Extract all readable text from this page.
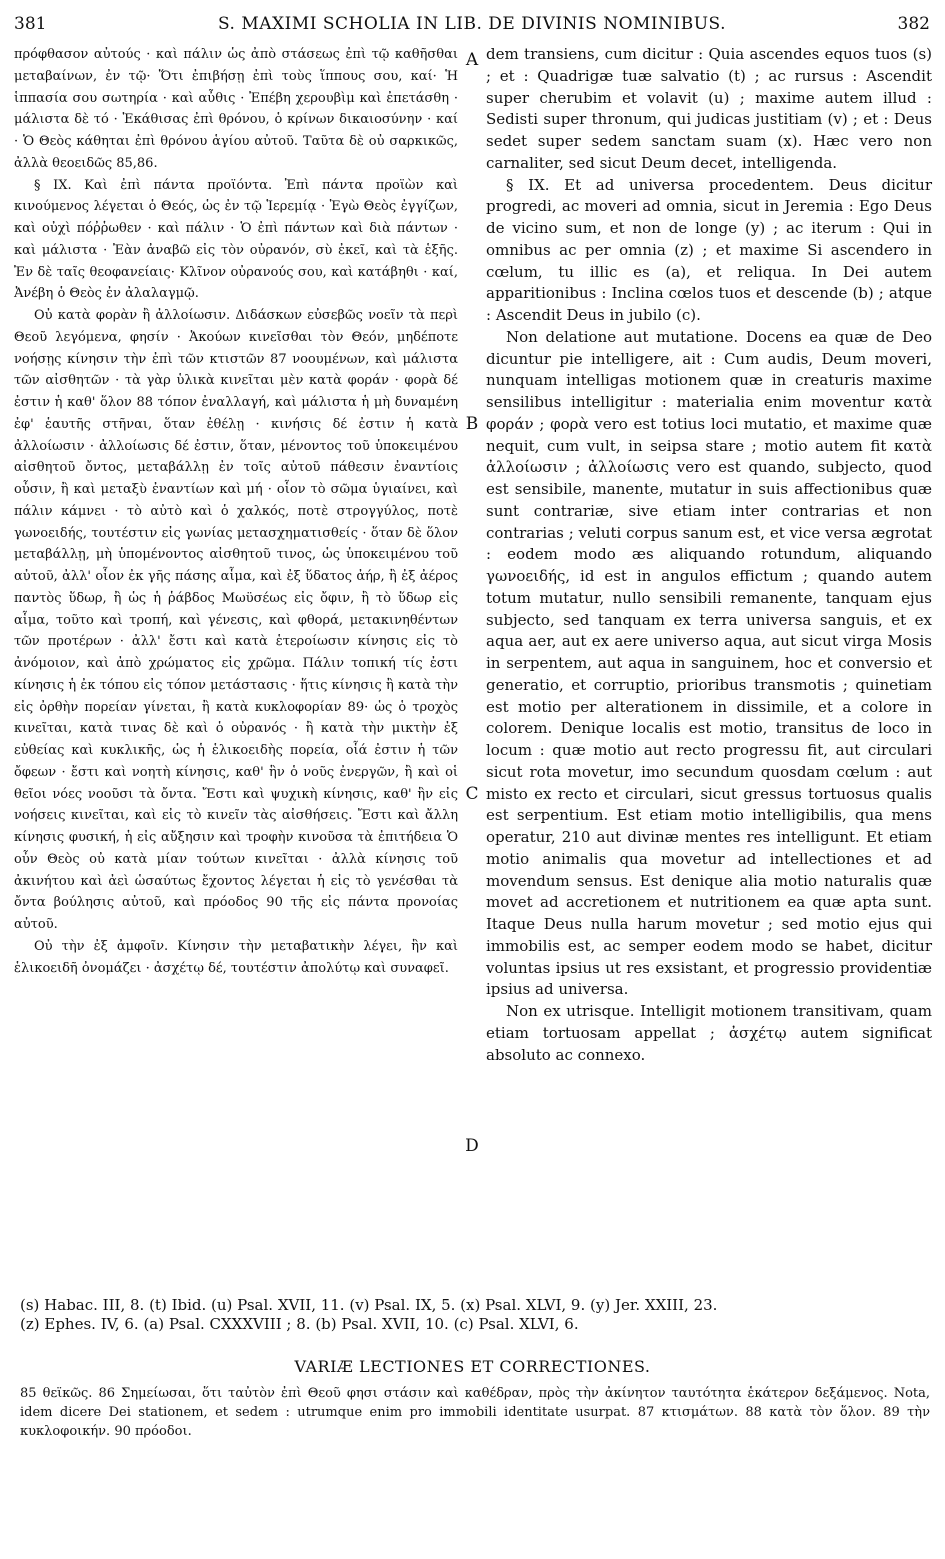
381	S. MAXIMI SCHOLIA IN LIB. DE DIVINIS NOMINIBUS.	382

πρόφθασον αὐτούς · καὶ πάλιν ὡς ἀπὸ στάσεως ἐπὶ τῷ καθῆσθαι μεταβαίνων, ἐν τῷ· Ὅτι ἐπιβήσῃ ἐπὶ τοὺς ἵππους σου, καί· Ἡ ἱππασία σου σωτηρία · καὶ αὖθις · Ἐπέβη χερουβὶμ καὶ ἐπετάσθη · μάλιστα δὲ τό · Ἐκάθισας ἐπὶ θρόνου, ὁ κρίνων δικαιοσύνην · καί · Ὁ Θεὸς κάθηται ἐπὶ θρόνου ἁγίου αὐτοῦ. Ταῦτα δὲ οὐ σαρκικῶς, ἀλλὰ θεοειδῶς 85,86.

§ IX. Καὶ ἐπὶ πάντα προϊόντα. Ἐπὶ πάντα προϊὼν καὶ κινούμενος λέγεται ὁ Θεός, ὡς ἐν τῷ Ἱερεμίᾳ · Ἐγὼ Θεὸς ἐγγίζων, καὶ οὐχὶ πόῤῥωθεν · καὶ πάλιν · Ὁ ἐπὶ πάντων καὶ διὰ πάντων · καὶ μάλιστα · Ἐὰν ἀναβῶ εἰς τὸν οὐρανόν, σὺ ἐκεῖ, καὶ τὰ ἑξῆς. Ἐν δὲ ταῖς θεοφανείαις· Κλῖνον οὐρανούς σου, καὶ κατάβηθι · καί, Ἀνέβη ὁ Θεὸς ἐν ἀλαλαγμῷ.

Οὐ κατὰ φορὰν ἢ ἀλλοίωσιν. Διδάσκων εὐσεβῶς νοεῖν τὰ περὶ Θεοῦ λεγόμενα, φησίν · Ἀκούων κινεῖσθαι τὸν Θεόν, μηδέποτε νοήσῃς κίνησιν τὴν ἐπὶ τῶν κτιστῶν 87 νοουμένων, καὶ μάλιστα τῶν αἰσθητῶν · τὰ γὰρ ὑλικὰ κινεῖται μὲν κατὰ φοράν · φορὰ δέ ἐστιν ἡ καθ' ὅλον 88 τόπον ἐναλλαγή, καὶ μάλιστα ἡ μὴ δυναμένη ἐφ' ἑαυτῆς στῆναι, ὅταν ἐθέλῃ · κινήσις δέ ἐστιν ἡ κατὰ ἀλλοίωσιν · ἀλλοίωσις δέ ἐστιν, ὅταν, μένοντος τοῦ ὑποκειμένου αἰσθητοῦ ὄντος, μεταβάλλῃ ἐν τοῖς αὐτοῦ πάθεσιν ἐναντίοις οὖσιν, ἢ καὶ μεταξὺ ἐναντίων καὶ μή · οἷον τὸ σῶμα ὑγιαίνει, καὶ πάλιν κάμνει · τὸ αὐτὸ καὶ ὁ χαλκός, ποτὲ στρογγύλος, ποτὲ γωνοειδής, τουτέστιν εἰς γωνίας μετασχηματισθείς · ὅταν δὲ ὅλον μεταβάλλῃ, μὴ ὑπομένοντος αἰσθητοῦ τινος, ὡς ὑποκειμένου τοῦ αὐτοῦ, ἀλλ' οἷον ἐκ γῆς πάσης αἷμα, καὶ ἐξ ὕδατος ἀήρ, ἢ ἐξ ἀέρος παντὸς ὕδωρ, ἢ ὡς ἡ ῥάβδος Μωϋσέως εἰς ὄφιν, ἢ τὸ ὕδωρ εἰς αἷμα, τοῦτο καὶ τροπή, καὶ γένεσις, καὶ φθορά, μετακινηθέντων τῶν προτέρων · ἀλλ' ἔστι καὶ κατὰ ἑτεροίωσιν κίνησις εἰς τὸ ἀνόμοιον, καὶ ἀπὸ χρώματος εἰς χρῶμα. Πάλιν τοπική τίς ἐστι κίνησις ἡ ἐκ τόπου εἰς τόπον μετάστασις · ἥτις κίνησις ἢ κατὰ τὴν εἰς ὀρθὴν πορείαν γίνεται, ἢ κατὰ κυκλοφορίαν 89· ὡς ὁ τροχὸς κινεῖται, κατὰ τινας δὲ καὶ ὁ οὐρανός · ἢ κατὰ τὴν μικτὴν ἐξ εὐθείας καὶ κυκλικῆς, ὡς ἡ ἑλικοειδὴς πορεία, οἷά ἐστιν ἡ τῶν ὄφεων · ἔστι καὶ νοητὴ κίνησις, καθ' ἣν ὁ νοῦς ἐνεργῶν, ἢ καὶ οἱ θεῖοι νόες νοοῦσι τὰ ὄντα. Ἔστι καὶ ψυχικὴ κίνησις, καθ' ἣν εἰς νοήσεις κινεῖται, καὶ εἰς τὸ κινεῖν τὰς αἰσθήσεις. Ἔστι καὶ ἄλλη κίνησις φυσική, ἡ εἰς αὔξησιν καὶ τροφὴν κινοῦσα τὰ ἐπιτήδεια Ὁ οὖν Θεὸς οὐ κατὰ μίαν τούτων κινεῖται · ἀλλὰ κίνησις τοῦ ἀκινήτου καὶ ἀεὶ ὡσαύτως ἔχοντος λέγεται ἡ εἰς τὸ γενέσθαι τὰ ὄντα βούλησις αὐτοῦ, καὶ πρόοδος 90 τῆς εἰς πάντα προνοίας αὐτοῦ.

Οὐ τὴν ἐξ ἀμφοῖν. Κίνησιν τὴν μεταβατικὴν λέγει, ἣν καὶ ἑλικοειδῆ ὀνομάζει · ἀσχέτῳ δέ, τουτέστιν ἀπολύτῳ καὶ συναφεῖ.

A
B
C
D

dem transiens, cum dicitur : Quia ascendes equos tuos (s) ; et : Quadrigæ tuæ salvatio (t) ; ac rursus : Ascendit super cherubim et volavit (u) ; maxime autem illud : Sedisti super thronum, qui judicas justitiam (v) ; et : Deus sedet super sedem sanctam suam (x). Hæc vero non carnaliter, sed sicut Deum decet, intelligenda.

§ IX. Et ad universa procedentem. Deus dicitur progredi, ac moveri ad omnia, sicut in Jeremia : Ego Deus de vicino sum, et non de longe (y) ; ac iterum : Qui in omnibus ac per omnia (z) ; et maxime Si ascendero in cœlum, tu illic es (a), et reliqua. In Dei autem apparitionibus : Inclina cœlos tuos et descende (b) ; atque : Ascendit Deus in jubilo (c).

Non delatione aut mutatione. Docens ea quæ de Deo dicuntur pie intelligere, ait : Cum audis, Deum moveri, nunquam intelligas motionem quæ in creaturis maxime sensilibus intelligitur : materialia enim moventur κατὰ φοράν ; φορὰ vero est totius loci mutatio, et maxime quæ nequit, cum vult, in seipsa stare ; motio autem fit κατὰ ἀλλοίωσιν ; ἀλλοίωσις vero est quando, subjecto, quod est sensibile, manente, mutatur in suis affectionibus quæ sunt contrariæ, sive etiam inter contrarias et non contrarias ; veluti corpus sanum est, et vice versa ægrotat : eodem modo æs aliquando rotundum, aliquando γωνοειδής, id est in angulos effictum ; quando autem totum mutatur, nullo sensibili remanente, tanquam ejus subjecto, sed tanquam ex terra universa sanguis, et ex aqua aer, aut ex aere universo aqua, aut sicut virga Mosis in serpentem, aut aqua in sanguinem, hoc et conversio et generatio, et corruptio, prioribus transmotis ; quinetiam est motio per alterationem in dissimile, et a colore in colorem. Denique localis est motio, transitus de loco in locum : quæ motio aut recto progressu fit, aut circulari sicut rota movetur, imo secundum quosdam cœlum : aut misto ex recto et circulari, sicut gressus tortuosus qualis est serpentium. Est etiam motio intelligibilis, qua mens operatur, 210 aut divinæ mentes res intelligunt. Et etiam motio animalis qua movetur ad intellectiones et ad movendum sensus. Est denique alia motio naturalis quæ movet ad accretionem et nutritionem ea quæ apta sunt. Itaque Deus nulla harum movetur ; sed motio ejus qui immobilis est, ac semper eodem modo se habet, dicitur voluntas ipsius ut res exsistant, et progressio providentiæ ipsius ad universa.

Non ex utrisque. Intelligit motionem transitivam, quam etiam tortuosam appellat ; ἀσχέτῳ autem significat absoluto ac connexo.

(s) Habac. III, 8. (t) Ibid. (u) Psal. XVII, 11. (v) Psal. IX, 5. (x) Psal. XLVI, 9. (y) Jer. XXIII, 23.
(z) Ephes. IV, 6. (a) Psal. CXXXVIII ; 8. (b) Psal. XVII, 10. (c) Psal. XLVI, 6.
VARIÆ LECTIONES ET CORRECTIONES.
85 θεϊκῶς. 86 Σημείωσαι, ὅτι ταὐτὸν ἐπὶ Θεοῦ φησι στάσιν καὶ καθέδραν, πρὸς τὴν ἀκίνητον ταυτότητα ἑκάτερον δεξάμενος. Nota, idem dicere Dei stationem, et sedem : utrumque enim pro immobili identitate usurpat. 87 κτισμάτων. 88 κατὰ τὸν ὅλον. 89 τὴν κυκλοφοικήν. 90 πρόοδοι.
